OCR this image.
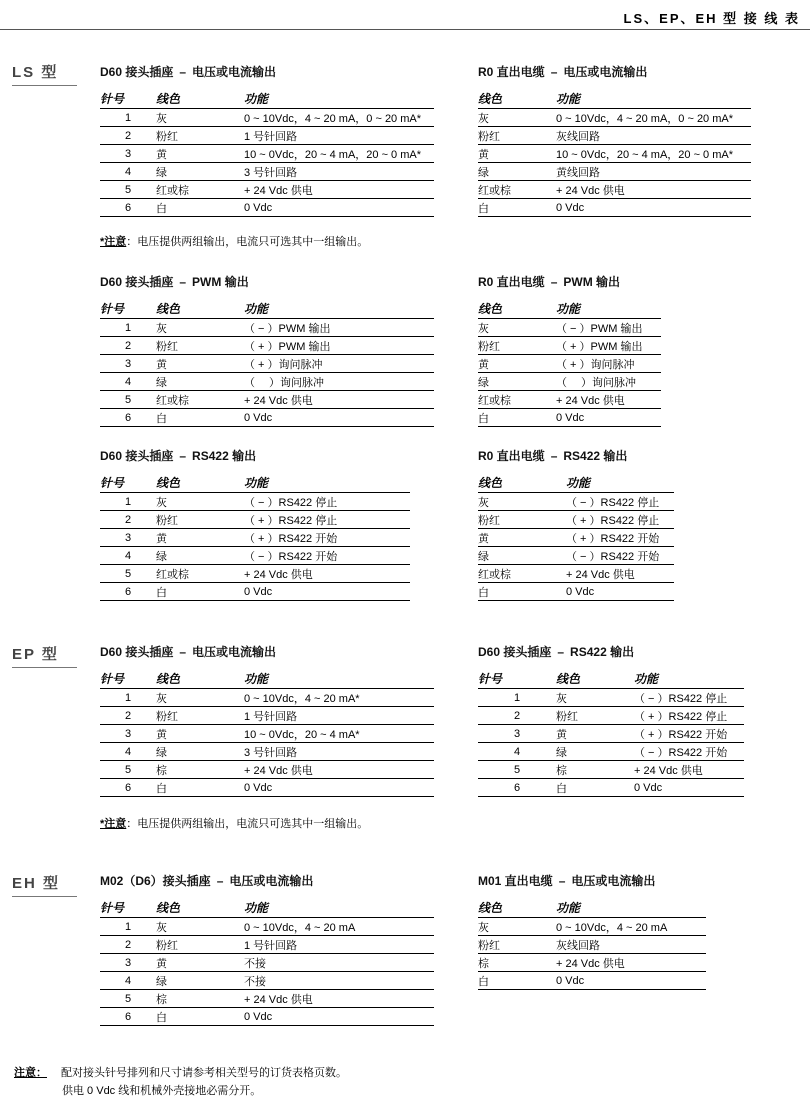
LS、EP、EH 型 接 线 表
LS 型
EP 型
EH 型
D60 接头插座 – 电压或电流输出
针号	线色	功能
1	灰	0 ~ 10Vdc，4 ~ 20 mA，0 ~ 20 mA*
2	粉红	1 号针回路
3	黄	10 ~ 0Vdc，20 ~ 4 mA，20 ~ 0 mA*
4	绿	3 号针回路
5	红或棕	+ 24 Vdc 供电
6	白	0 Vdc
R0 直出电缆 – 电压或电流输出
线色	功能
灰	0 ~ 10Vdc，4 ~ 20 mA，0 ~ 20 mA*
粉红	灰线回路
黄	10 ~ 0Vdc，20 ~ 4 mA，20 ~ 0 mA*
绿	黄线回路
红或棕	+ 24 Vdc 供电
白	0 Vdc
*注意：电压提供两组输出，电流只可选其中一组输出。
D60 接头插座 – PWM 输出
针号	线色	功能
1	灰	（ − ）PWM 输出
2	粉红	（ + ）PWM 输出
3	黄	（ + ）询问脉冲
4	绿	（　 ）询问脉冲
5	红或棕	+ 24 Vdc 供电
6	白	0 Vdc
R0 直出电缆 – PWM 输出
线色	功能
灰	（ − ）PWM 输出
粉红	（ + ）PWM 输出
黄	（ + ）询问脉冲
绿	（　 ）询问脉冲
红或棕	+ 24 Vdc 供电
白	0 Vdc
D60 接头插座 – RS422 输出
针号	线色	功能
1	灰	（ − ）RS422 停止
2	粉红	（ + ）RS422 停止
3	黄	（ + ）RS422 开始
4	绿	（ − ）RS422 开始
5	红或棕	+ 24 Vdc 供电
6	白	0 Vdc
R0 直出电缆 – RS422 输出
线色	功能
灰	（ − ）RS422 停止
粉红	（ + ）RS422 停止
黄	（ + ）RS422 开始
绿	（ − ）RS422 开始
红或棕	+ 24 Vdc 供电
白	0 Vdc
D60 接头插座 – 电压或电流输出
针号	线色	功能
1	灰	0 ~ 10Vdc，4 ~ 20 mA*
2	粉红	1 号针回路
3	黄	10 ~ 0Vdc，20 ~ 4 mA*
4	绿	3 号针回路
5	棕	+ 24 Vdc 供电
6	白	0 Vdc
D60 接头插座 – RS422 输出
针号	线色	功能
1	灰	（ − ）RS422 停止
2	粉红	（ + ）RS422 停止
3	黄	（ + ）RS422 开始
4	绿	（ − ）RS422 开始
5	棕	+ 24 Vdc 供电
6	白	0 Vdc
*注意：电压提供两组输出，电流只可选其中一组输出。
M02（D6）接头插座 – 电压或电流输出
针号	线色	功能
1	灰	0 ~ 10Vdc，4 ~ 20 mA
2	粉红	1 号针回路
3	黄	不接
4	绿	不接
5	棕	+ 24 Vdc 供电
6	白	0 Vdc
M01 直出电缆 – 电压或电流输出
线色	功能
灰	0 ~ 10Vdc，4 ~ 20 mA
粉红	灰线回路
棕	+ 24 Vdc 供电
白	0 Vdc
注意： 配对接头针号排列和尺寸请参考相关型号的订货表格页数。
供电 0 Vdc 线和机械外壳接地必需分开。
